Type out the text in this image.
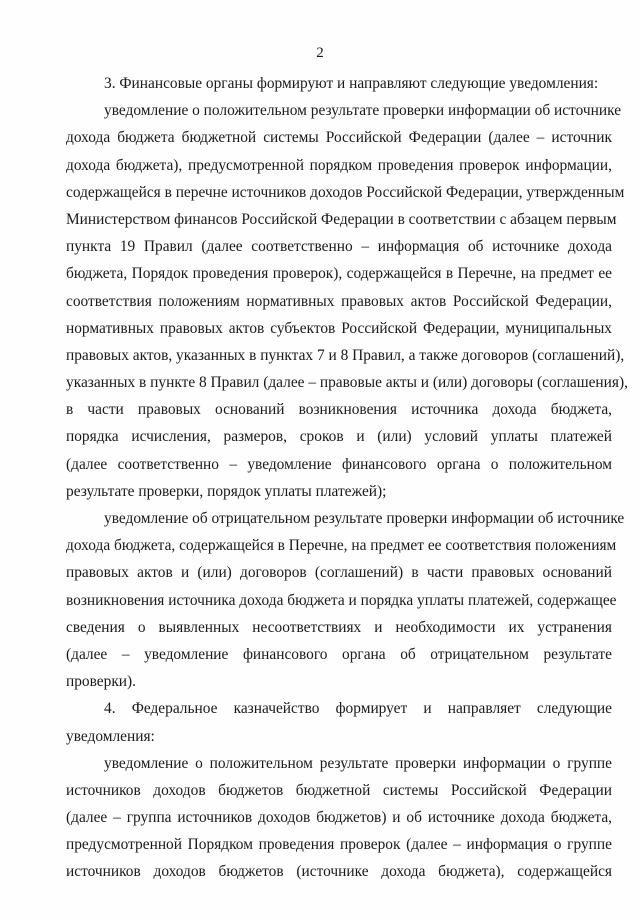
2
3. Финансовые органы формируют и направляют следующие уведомления:
уведомление о положительном результате проверки информации об источнике
дохода бюджета бюджетной системы Российской Федерации (далее – источник
дохода бюджета), предусмотренной порядком проведения проверок информации,
содержащейся в перечне источников доходов Российской Федерации, утвержденным
Министерством финансов Российской Федерации в соответствии с абзацем первым
пункта 19 Правил (далее соответственно – информация об источнике дохода
бюджета, Порядок проведения проверок), содержащейся в Перечне, на предмет ее
соответствия положениям нормативных правовых актов Российской Федерации,
нормативных правовых актов субъектов Российской Федерации, муниципальных
правовых актов, указанных в пунктах 7 и 8 Правил, а также договоров (соглашений),
указанных в пункте 8 Правил (далее – правовые акты и (или) договоры (соглашения),
в части правовых оснований возникновения источника дохода бюджета,
порядка исчисления, размеров, сроков и (или) условий уплаты платежей
(далее соответственно – уведомление финансового органа о положительном
результате проверки, порядок уплаты платежей);
уведомление об отрицательном результате проверки информации об источнике
дохода бюджета, содержащейся в Перечне, на предмет ее соответствия положениям
правовых актов и (или) договоров (соглашений) в части правовых оснований
возникновения источника дохода бюджета и порядка уплаты платежей, содержащее
сведения о выявленных несоответствиях и необходимости их устранения
(далее – уведомление финансового органа об отрицательном результате
проверки).
4. Федеральное казначейство формирует и направляет следующие
уведомления:
уведомление о положительном результате проверки информации о группе
источников доходов бюджетов бюджетной системы Российской Федерации
(далее – группа источников доходов бюджетов) и об источнике дохода бюджета,
предусмотренной Порядком проведения проверок (далее – информация о группе
источников доходов бюджетов (источнике дохода бюджета), содержащейся
